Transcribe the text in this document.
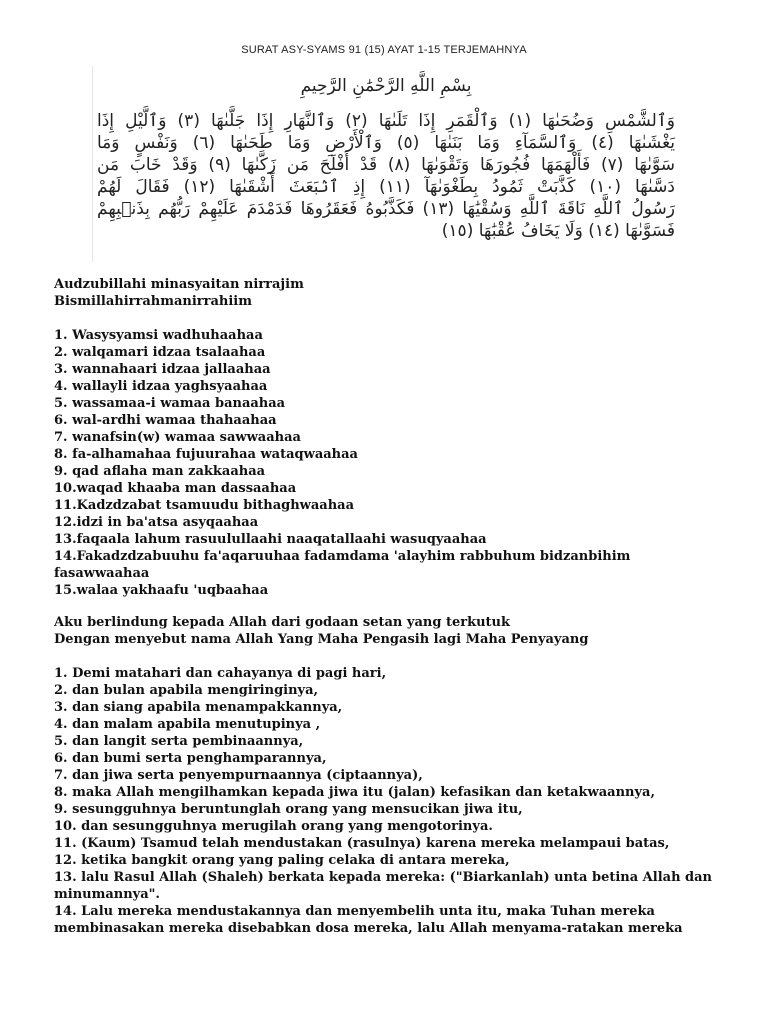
SURAT ASY-SYAMS 91 (15) AYAT 1-15 TERJEMAHNYA
بِسْمِ اللَّهِ الرَّحْمَٰنِ الرَّحِيمِ
وَٱلشَّمْسِ وَضُحَىٰهَا (١) وَٱلْقَمَرِ إِذَا تَلَىٰهَا (٢) وَٱلنَّهَارِ إِذَا جَلَّىٰهَا (٣) وَٱلَّيْلِ إِذَا
يَغْشَىٰهَا (٤) وَٱلسَّمَآءِ وَمَا بَنَىٰهَا (٥) وَٱلْأَرْضِ وَمَا طَحَىٰهَا (٦) وَنَفْسٍ وَمَا
سَوَّىٰهَا (٧) فَأَلْهَمَهَا فُجُورَهَا وَتَقْوَىٰهَا (٨) قَدْ أَفْلَحَ مَن زَكَّىٰهَا (٩) وَقَدْ خَابَ مَن
دَسَّىٰهَا (١٠) كَذَّبَتْ ثَمُودُ بِطَغْوَىٰهَآ (١١) إِذِ ٱنۢبَعَثَ أَشْقَىٰهَا (١٢) فَقَالَ لَهُمْ
رَسُولُ ٱللَّهِ نَاقَةَ ٱللَّهِ وَسُقْيَٰهَا (١٣) فَكَذَّبُوهُ فَعَقَرُوهَا فَدَمْدَمَ عَلَيْهِمْ رَبُّهُم بِذَنۢبِهِمْ
فَسَوَّىٰهَا (١٤) وَلَا يَخَافُ عُقْبَٰهَا (١٥)

Audzubillahi minasyaitan nirrajim

Bismillahirrahmanirrahiim

1. Wasysyamsi wadhuhaahaa

2. walqamari idzaa tsalaahaa

3. wannahaari idzaa jallaahaa

4. wallayli idzaa yaghsyaahaa

5. wassamaa-i wamaa banaahaa

6. wal-ardhi wamaa thahaahaa

7. wanafsin(w) wamaa sawwaahaa

8. fa-alhamahaa fujuurahaa wataqwaahaa

9. qad aflaha man zakkaahaa

10.waqad khaaba man dassaahaa

11.Kadzdzabat tsamuudu bithaghwaahaa

12.idzi in ba'atsa asyqaahaa

13.faqaala lahum rasuulullaahi naaqatallaahi wasuqyaahaa

14.Fakadzdzabuuhu fa'aqaruuhaa fadamdama 'alayhim rabbuhum bidzanbihim

fasawwaahaa

15.walaa yakhaafu 'uqbaahaa

Aku berlindung kepada Allah dari godaan setan yang terkutuk

Dengan menyebut nama Allah Yang Maha Pengasih lagi Maha Penyayang

1. Demi matahari dan cahayanya di pagi hari,

2. dan bulan apabila mengiringinya,

3. dan siang apabila menampakkannya,

4. dan malam apabila menutupinya ,

5. dan langit serta pembinaannya,

6. dan bumi serta penghamparannya,

7. dan jiwa serta penyempurnaannya (ciptaannya),

8. maka Allah mengilhamkan kepada jiwa itu (jalan) kefasikan dan ketakwaannya,

9. sesungguhnya beruntunglah orang yang mensucikan jiwa itu,

10. dan sesungguhnya merugilah orang yang mengotorinya.

11. (Kaum) Tsamud telah mendustakan (rasulnya) karena mereka melampaui batas,

12. ketika bangkit orang yang paling celaka di antara mereka,

13. lalu Rasul Allah (Shaleh) berkata kepada mereka: ("Biarkanlah) unta betina Allah dan

minumannya".

14. Lalu mereka mendustakannya dan menyembelih unta itu, maka Tuhan mereka

membinasakan mereka disebabkan dosa mereka, lalu Allah menyama-ratakan mereka
